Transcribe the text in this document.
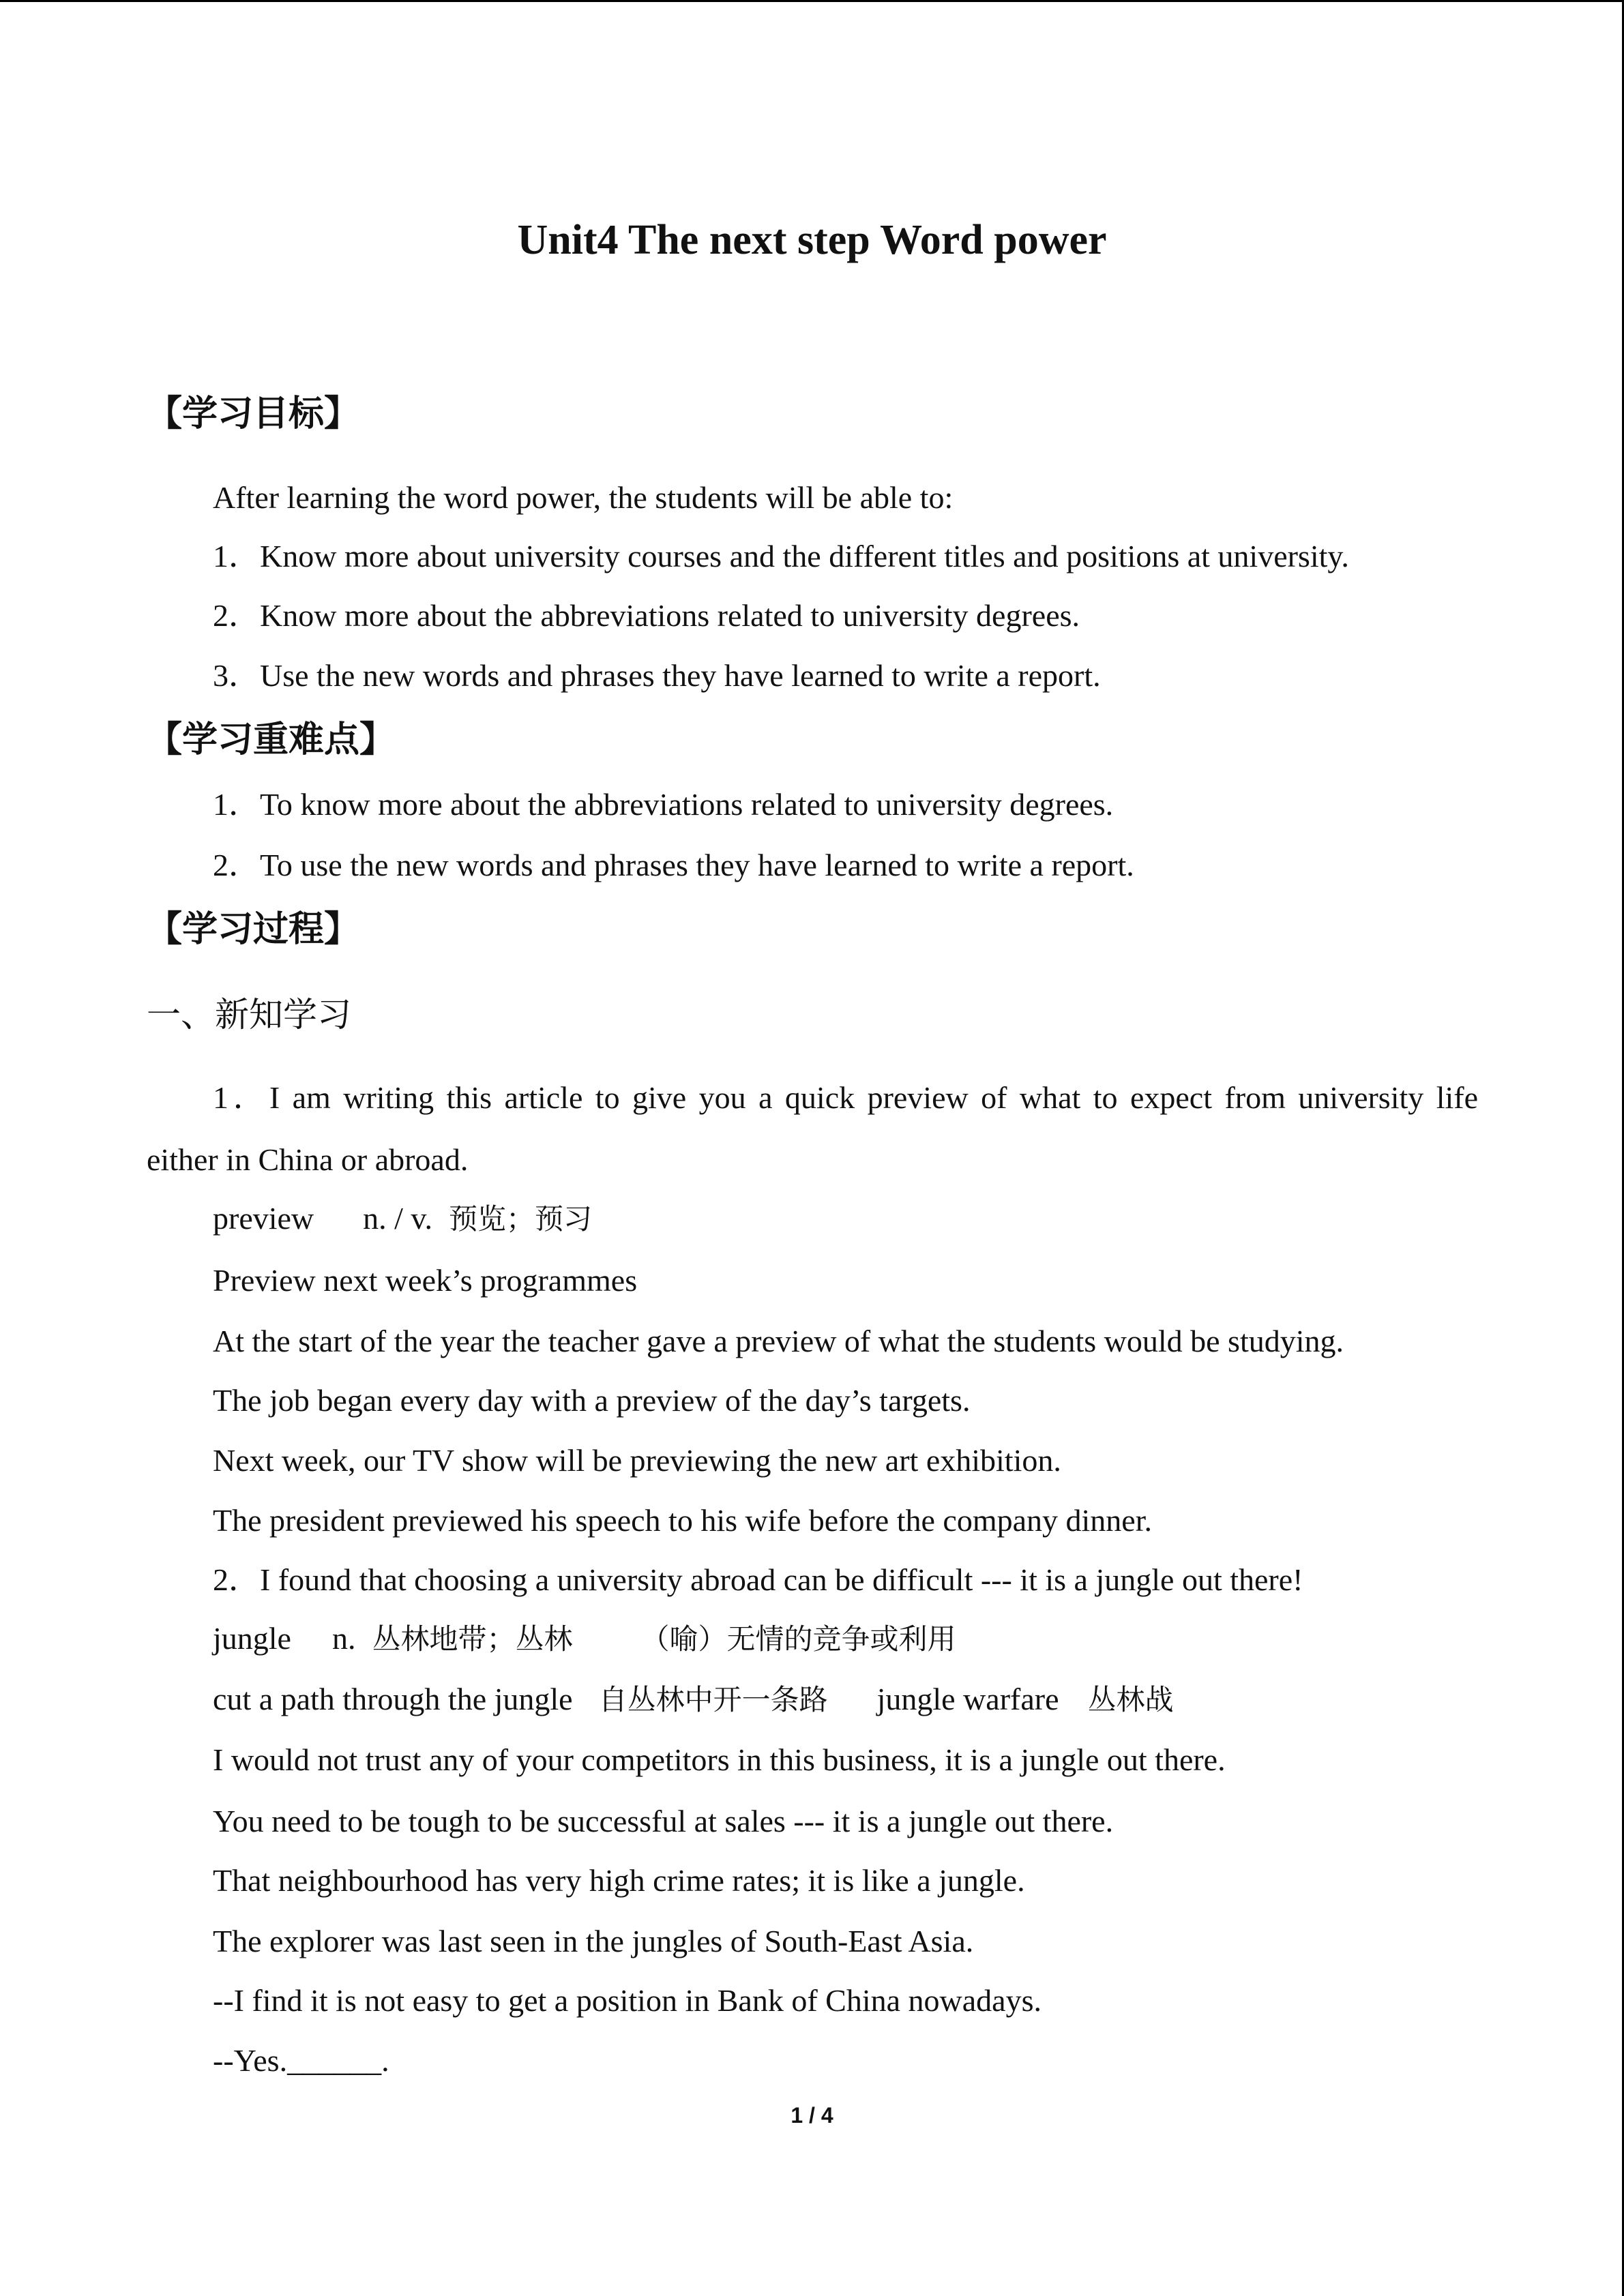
Unit4 The next step Word power
【学习目标】
After learning the word power, the students will be able to:
1．Know more about university courses and the different titles and positions at university.
2．Know more about the abbreviations related to university degrees.
3．Use the new words and phrases they have learned to write a report.
【学习重难点】
1．To know more about the abbreviations related to university degrees.
2．To use the new words and phrases they have learned to write a report.
【学习过程】
一、新知学习
1．I am writing this article to give you a quick preview of what to expect from university life
either in China or abroad.
preview n. / v. 预览；预习
Preview next week’s programmes
At the start of the year the teacher gave a preview of what the students would be studying.
The job began every day with a preview of the day’s targets.
Next week, our TV show will be previewing the new art exhibition.
The president previewed his speech to his wife before the company dinner.
2．I found that choosing a university abroad can be difficult --- it is a jungle out there!
jungle n. 丛林地带；丛林 （喻）无情的竞争或利用
cut a path through the jungle 自丛林中开一条路 jungle warfare 丛林战
I would not trust any of your competitors in this business, it is a jungle out there.
You need to be tough to be successful at sales --- it is a jungle out there.
That neighbourhood has very high crime rates; it is like a jungle.
The explorer was last seen in the jungles of South-East Asia.
--I find it is not easy to get a position in Bank of China nowadays.
--Yes.______.
1 / 4
